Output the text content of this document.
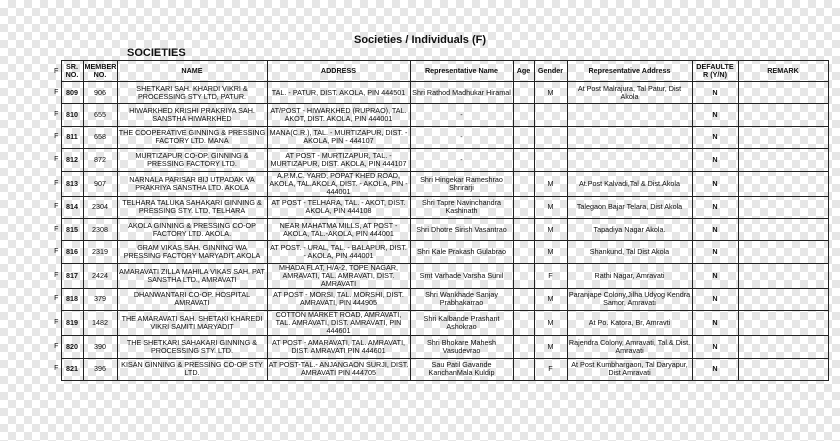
Societies / Individuals (F)
SOCIETIES
F	SR. NO.	MEMBER NO.	NAME	ADDRESS	Representative Name	Age	Gender	Representative Address	DEFAULTE R (Y/N)	REMARK
F	809	906	SHETKARI SAH. KHARDI VIKRI & PROCESSING STY LTD, PATUR.	TAL. - PATUR, DIST. AKOLA, PIN 444501	Shri Rathod Madhukar Hiramal		M	At Post Malrajura, Tal Patur, Dist Akola	N	
F	810	655	HIWARKHED KRISHI PRAKRIYA SAH. SANSTHA HIWARKHED	AT/POST - HIWARKHED (RUPRAO), TAL. AKOT, DIST. AKOLA, PIN 444001	-				N	
F	811	658	THE COOPERATIVE GINNING & PRESSING FACTORY LTD. MANA	MANA(C.R.), TAL. - MURTIZAPUR, DIST. - AKOLA, PIN - 444107	-				N	
F	812	872	MURTIZAPUR CO-OP. GINNING & PRESSING FACTORY LTD.	AT POST - MURTIZAPUR, TAL. - MURTIZAPUR, DIST. AKOLA, PIN 444107	-				N	
F	813	907	NARNALA PARISAR BIJ UTPADAK VA PRAKRIYA SANSTHA LTD. AKOLA	A.P.M.C. YARD, POPAT KHED ROAD, AKOLA, TAL.AKOLA, DIST. - AKOLA, PIN - 444001	Shri Hingekar Rameshrao Shrirarji		M	At.Post Kalvadi,Tal & Dist.Akola	N	
F	814	2304	TELHARA TALUKA SAHAKARI GINNING & PRESSING STY. LTD, TELHARA	AT POST - TELHARA, TAL. - AKOT, DIST. AKOLA, PIN 444108	Shri Tapre Navinchandra Kashinath		M	Talegaon Bajar Telara, Dist Akola	N	
F	815	2308	AKOLA GINNING & PRESSING CO-OP FACTORY LTD. AKOLA.	NEAR MAHATMA MILLS, AT POST - AKOLA, TAL.-AKOLA, PIN 444001	Shri Dhotre Sirish Vasantrao		M	Tapadiya Nagar Akola.	N	
F	816	2319	GRAM VIKAS SAH. GINNING WA PRESSING FACTORY MARYADIT AKOLA	AT POST. - URAL, TAL. - BALAPUR, DIST. - AKOLA, PIN 444001	Shri Kale Prakash Gulabrao		M	Shankund, Tal Dist Akola	N	
F	817	2424	AMARAVATI ZILLA MAHILA VIKAS SAH. PAT SANSTHA LTD., AMRAVATI	MHADA FLAT, H/A-2, TOPE NAGAR, AMRAVATI, TAL. AMRAVATI, DIST. AMRAVATI	Smt Varhade Varsha Sunil		F	Rathi Nagar, Amravati	N	
F	818	379	DHANWANTARI CO-OP. HOSPITAL AMRAVATI	AT POST - MORSI, TAL. MORSHI, DIST. AMRAVATI, PIN 444905	Shri Wankhade Sanjay Prabhakarrao		M	Paranjape Colony,Jilha Udyog Kendra Samor, Amravati	N	
F	819	1482	THE AMARAVATI SAH. SHETAKI KHAREDI VIKRI SAMITI MARYADIT	COTTON MARKET ROAD, AMRAVATI, TAL. AMRAVATI, DIST. AMRAVATI, PIN 444601	Shri Kalbande Prashant Ashokrao		M	At Po. Katora, Br, Amravti	N	
F	820	390	THE SHETKARI SAHAKARI GINNING & PROCESSING STY. LTD.	AT POST - AMARAVATI, TAL. AMRAVATI, DIST. AMRAVATI PIN 444601	Shri Bhokare Mahesh Vasudevrao		M	Rajendra Colony, Amravati, Tal.& Dist. Amravati	N	
F	821	396	KISAN GINNING & PRESSING CO-OP STY LTD.	AT POST-TAL.- ANJANGAON SURJI, DIST. AMRAVATI PIN 444705	Sau Patil Gavande KanchanMala Kuldip		F	At Post Kumbhargaon, Tal Daryapur, Dist Amravati	N	
